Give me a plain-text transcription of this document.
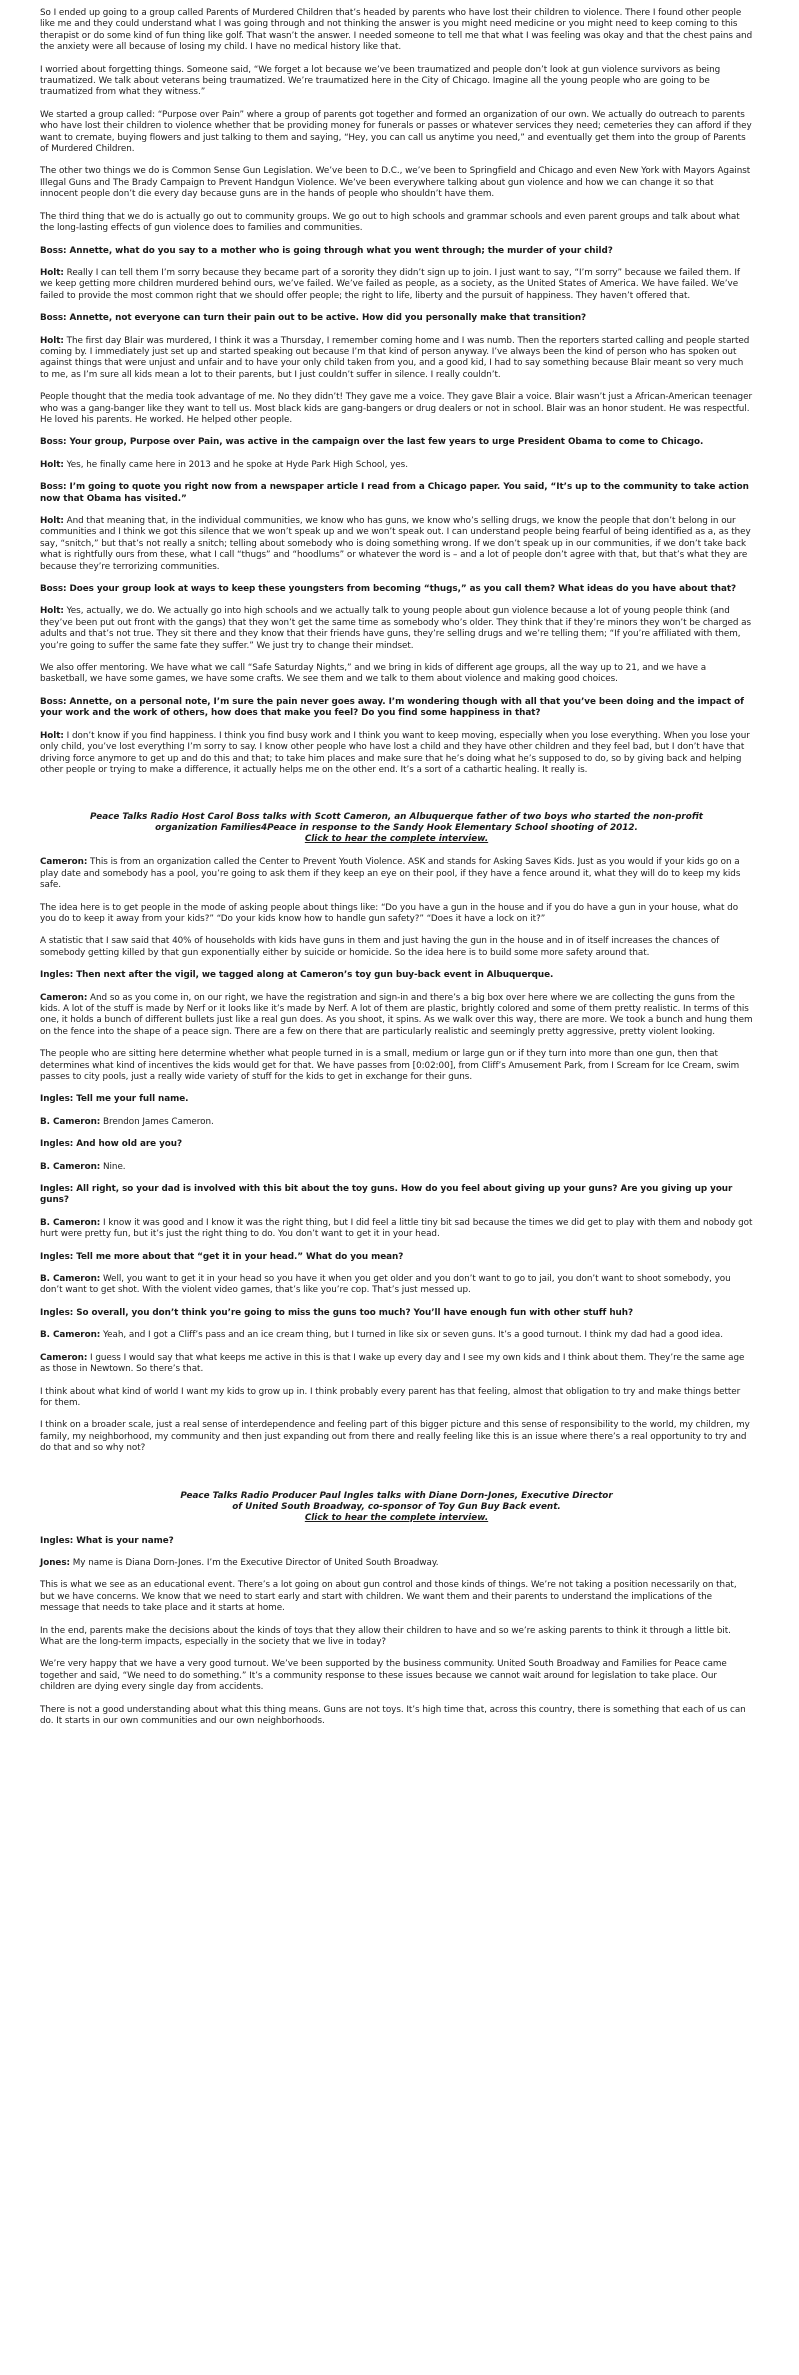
So I ended up going to a group called Parents of Murdered Children that’s headed by parents who have lost their children to violence. There I found other people like me and they could understand what I was going through and not thinking the answer is you might need medicine or you might need to keep coming to this therapist or do some kind of fun thing like golf. That wasn’t the answer. I needed someone to tell me that what I was feeling was okay and that the chest pains and the anxiety were all because of losing my child. I have no medical history like that.

I worried about forgetting things. Someone said, “We forget a lot because we’ve been traumatized and people don’t look at gun violence survivors as being traumatized. We talk about veterans being traumatized. We’re traumatized here in the City of Chicago. Imagine all the young people who are going to be traumatized from what they witness.”

We started a group called: “Purpose over Pain” where a group of parents got together and formed an organization of our own. We actually do outreach to parents who have lost their children to violence whether that be providing money for funerals or passes or whatever services they need; cemeteries they can afford if they want to cremate, buying flowers and just talking to them and saying, “Hey, you can call us anytime you need,” and eventually get them into the group of Parents of Murdered Children.

The other two things we do is Common Sense Gun Legislation. We’ve been to D.C., we’ve been to Springfield and Chicago and even New York with Mayors Against Illegal Guns and The Brady Campaign to Prevent Handgun Violence. We’ve been everywhere talking about gun violence and how we can change it so that innocent people don’t die every day because guns are in the hands of people who shouldn’t have them.

The third thing that we do is actually go out to community groups. We go out to high schools and grammar schools and even parent groups and talk about what the long-lasting effects of gun violence does to families and communities.

Boss: Annette, what do you say to a mother who is going through what you went through; the murder of your child?

Holt: Really I can tell them I’m sorry because they became part of a sorority they didn’t sign up to join. I just want to say, “I’m sorry” because we failed them. If we keep getting more children murdered behind ours, we’ve failed. We’ve failed as people, as a society, as the United States of America. We have failed. We’ve failed to provide the most common right that we should offer people; the right to life, liberty and the pursuit of happiness. They haven’t offered that.

Boss: Annette, not everyone can turn their pain out to be active. How did you personally make that transition?

Holt: The first day Blair was murdered, I think it was a Thursday, I remember coming home and I was numb. Then the reporters started calling and people started coming by. I immediately just set up and started speaking out because I’m that kind of person anyway. I’ve always been the kind of person who has spoken out against things that were unjust and unfair and to have your only child taken from you, and a good kid, I had to say something because Blair meant so very much to me, as I’m sure all kids mean a lot to their parents, but I just couldn’t suffer in silence. I really couldn’t.

People thought that the media took advantage of me. No they didn’t! They gave me a voice. They gave Blair a voice. Blair wasn’t just a African-American teenager who was a gang-banger like they want to tell us. Most black kids are gang-bangers or drug dealers or not in school. Blair was an honor student. He was respectful. He loved his parents. He worked. He helped other people.

Boss: Your group, Purpose over Pain, was active in the campaign over the last few years to urge President Obama to come to Chicago.

Holt: Yes, he finally came here in 2013 and he spoke at Hyde Park High School, yes.

Boss: I’m going to quote you right now from a newspaper article I read from a Chicago paper. You said, “It’s up to the community to take action now that Obama has visited.”

Holt: And that meaning that, in the individual communities, we know who has guns, we know who’s selling drugs, we know the people that don’t belong in our communities and I think we got this silence that we won’t speak up and we won’t speak out. I can understand people being fearful of being identified as a, as they say, “snitch,” but that’s not really a snitch; telling about somebody who is doing something wrong. If we don’t speak up in our communities, if we don’t take back what is rightfully ours from these, what I call “thugs” and “hoodlums” or whatever the word is – and a lot of people don’t agree with that, but that’s what they are because they’re terrorizing communities.

Boss: Does your group look at ways to keep these youngsters from becoming “thugs,” as you call them? What ideas do you have about that?

Holt: Yes, actually, we do. We actually go into high schools and we actually talk to young people about gun violence because a lot of young people think (and they’ve been put out front with the gangs) that they won’t get the same time as somebody who’s older. They think that if they’re minors they won’t be charged as adults and that’s not true. They sit there and they know that their friends have guns, they’re selling drugs and we’re telling them; “If you’re affiliated with them, you’re going to suffer the same fate they suffer.” We just try to change their mindset.

We also offer mentoring. We have what we call “Safe Saturday Nights,” and we bring in kids of different age groups, all the way up to 21, and we have a basketball, we have some games, we have some crafts. We see them and we talk to them about violence and making good choices.

Boss: Annette, on a personal note, I’m sure the pain never goes away. I’m wondering though with all that you’ve been doing and the impact of your work and the work of others, how does that make you feel? Do you find some happiness in that?

Holt: I don’t know if you find happiness. I think you find busy work and I think you want to keep moving, especially when you lose everything. When you lose your only child, you’ve lost everything I’m sorry to say. I know other people who have lost a child and they have other children and they feel bad, but I don’t have that driving force anymore to get up and do this and that; to take him places and make sure that he’s doing what he’s supposed to do, so by giving back and helping other people or trying to make a difference, it actually helps me on the other end. It’s a sort of a cathartic healing. It really is.

Peace Talks Radio Host Carol Boss talks with Scott Cameron, an Albuquerque father of two boys who started the non-profit organization Families4Peace in response to the Sandy Hook Elementary School shooting of 2012.

Click to hear the complete interview.

Cameron: This is from an organization called the Center to Prevent Youth Violence. ASK and stands for Asking Saves Kids. Just as you would if your kids go on a play date and somebody has a pool, you’re going to ask them if they keep an eye on their pool, if they have a fence around it, what they will do to keep my kids safe.

The idea here is to get people in the mode of asking people about things like: “Do you have a gun in the house and if you do have a gun in your house, what do you do to keep it away from your kids?” “Do your kids know how to handle gun safety?” “Does it have a lock on it?”

A statistic that I saw said that 40% of households with kids have guns in them and just having the gun in the house and in of itself increases the chances of somebody getting killed by that gun exponentially either by suicide or homicide. So the idea here is to build some more safety around that.

Ingles: Then next after the vigil, we tagged along at Cameron’s toy gun buy-back event in Albuquerque.

Cameron: And so as you come in, on our right, we have the registration and sign-in and there’s a big box over here where we are collecting the guns from the kids. A lot of the stuff is made by Nerf or it looks like it’s made by Nerf. A lot of them are plastic, brightly colored and some of them pretty realistic. In terms of this one, it holds a bunch of different bullets just like a real gun does. As you shoot, it spins. As we walk over this way, there are more. We took a bunch and hung them on the fence into the shape of a peace sign. There are a few on there that are particularly realistic and seemingly pretty aggressive, pretty violent looking.

The people who are sitting here determine whether what people turned in is a small, medium or large gun or if they turn into more than one gun, then that determines what kind of incentives the kids would get for that. We have passes from [0:02:00], from Cliff’s Amusement Park, from I Scream for Ice Cream, swim passes to city pools, just a really wide variety of stuff for the kids to get in exchange for their guns.

Ingles: Tell me your full name.

B. Cameron: Brendon James Cameron.

Ingles: And how old are you?

B. Cameron: Nine.

Ingles: All right, so your dad is involved with this bit about the toy guns. How do you feel about giving up your guns? Are you giving up your guns?

B. Cameron: I know it was good and I know it was the right thing, but I did feel a little tiny bit sad because the times we did get to play with them and nobody got hurt were pretty fun, but it’s just the right thing to do. You don’t want to get it in your head.

Ingles: Tell me more about that “get it in your head.” What do you mean?

B. Cameron: Well, you want to get it in your head so you have it when you get older and you don’t want to go to jail, you don’t want to shoot somebody, you don’t want to get shot. With the violent video games, that’s like you’re cop. That’s just messed up.

Ingles: So overall, you don’t think you’re going to miss the guns too much? You’ll have enough fun with other stuff huh?

B. Cameron: Yeah, and I got a Cliff’s pass and an ice cream thing, but I turned in like six or seven guns. It’s a good turnout. I think my dad had a good idea.

Cameron: I guess I would say that what keeps me active in this is that I wake up every day and I see my own kids and I think about them. They’re the same age as those in Newtown. So there’s that.

I think about what kind of world I want my kids to grow up in. I think probably every parent has that feeling, almost that obligation to try and make things better for them.

I think on a broader scale, just a real sense of interdependence and feeling part of this bigger picture and this sense of responsibility to the world, my children, my family, my neighborhood, my community and then just expanding out from there and really feeling like this is an issue where there’s a real opportunity to try and do that and so why not?

Peace Talks Radio Producer Paul Ingles talks with Diane Dorn-Jones, Executive Director
of United South Broadway, co-sponsor of Toy Gun Buy Back event.

Click to hear the complete interview.

Ingles: What is your name?

Jones: My name is Diana Dorn-Jones. I’m the Executive Director of United South Broadway.

This is what we see as an educational event. There’s a lot going on about gun control and those kinds of things. We’re not taking a position necessarily on that, but we have concerns. We know that we need to start early and start with children. We want them and their parents to understand the implications of the message that needs to take place and it starts at home.

In the end, parents make the decisions about the kinds of toys that they allow their children to have and so we’re asking parents to think it through a little bit. What are the long-term impacts, especially in the society that we live in today?

We’re very happy that we have a very good turnout. We’ve been supported by the business community. United South Broadway and Families for Peace came together and said, “We need to do something.” It’s a community response to these issues because we cannot wait around for legislation to take place. Our children are dying every single day from accidents.

There is not a good understanding about what this thing means. Guns are not toys. It’s high time that, across this country, there is something that each of us can do. It starts in our own communities and our own neighborhoods.
